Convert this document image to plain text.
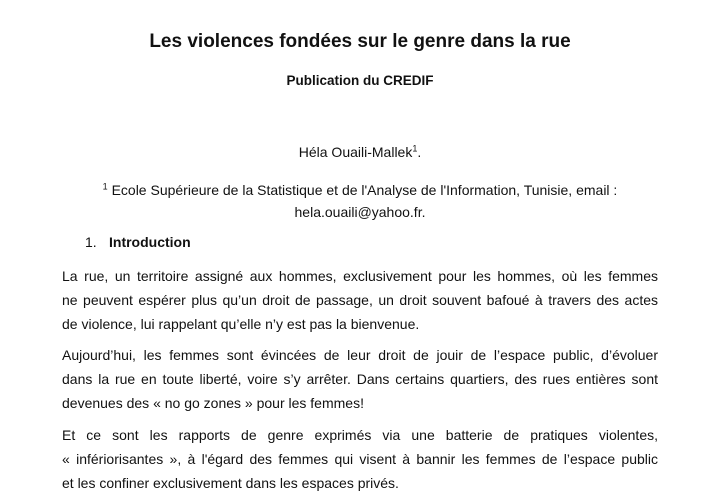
Les violences fondées sur le genre dans la rue
Publication du CREDIF
Héla Ouaili-Mallek$^1$.
$^1$ Ecole Supérieure de la Statistique et de l'Analyse de l'Information, Tunisie, email :
hela.ouaili@yahoo.fr.
1. Introduction
La rue, un territoire assigné aux hommes, exclusivement pour les hommes, où les femmes
ne peuvent espérer plus qu’un droit de passage, un droit souvent bafoué à travers des actes
de violence, lui rappelant qu’elle n’y est pas la bienvenue.
Aujourd’hui, les femmes sont évincées de leur droit de jouir de l’espace public, d’évoluer
dans la rue en toute liberté, voire s’y arrêter. Dans certains quartiers, des rues entières sont
devenues des « no go zones » pour les femmes!
Et ce sont les rapports de genre exprimés via une batterie de pratiques violentes,
« infériorisantes », à l'égard des femmes qui visent à bannir les femmes de l’espace public
et les confiner exclusivement dans les espaces privés.
